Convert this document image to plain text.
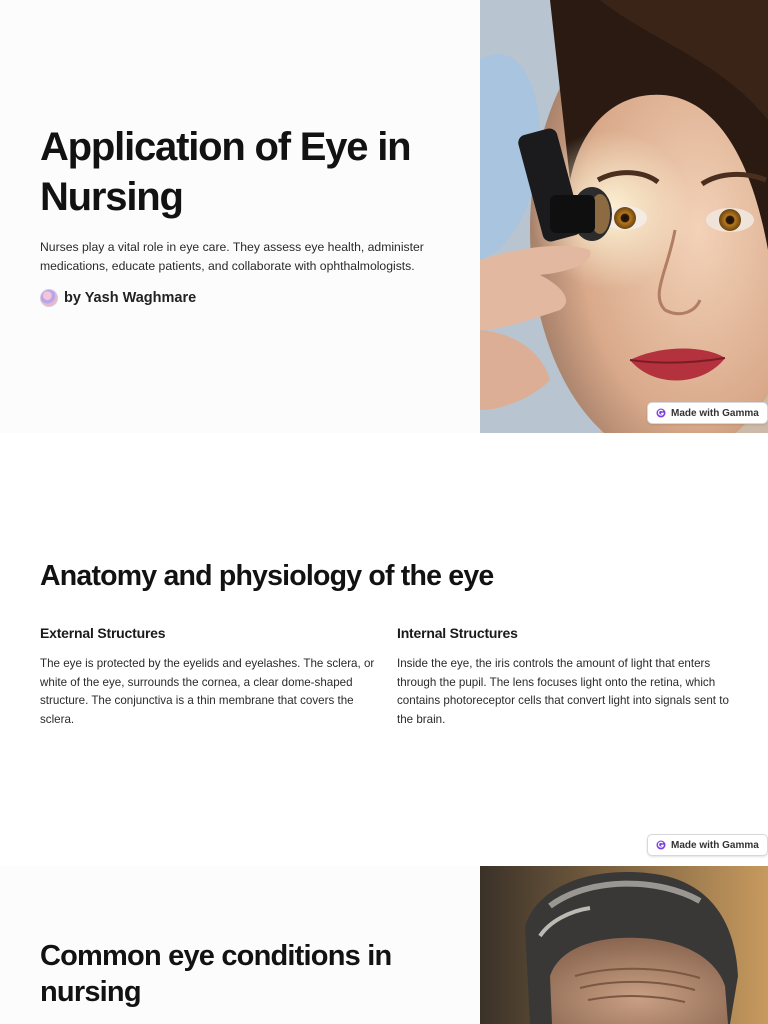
Application of Eye in Nursing

Nurses play a vital role in eye care. They assess eye health, administer medications, educate patients, and collaborate with ophthalmologists.

by Yash Waghmare
Made with Gamma
Anatomy and physiology of the eye
External Structures

The eye is protected by the eyelids and eyelashes. The sclera, or white of the eye, surrounds the cornea, a clear dome-shaped structure. The conjunctiva is a thin membrane that covers the sclera.

Internal Structures

Inside the eye, the iris controls the amount of light that enters through the pupil. The lens focuses light onto the retina, which contains photoreceptor cells that convert light into signals sent to the brain.

Made with Gamma
Common eye conditions in nursing
